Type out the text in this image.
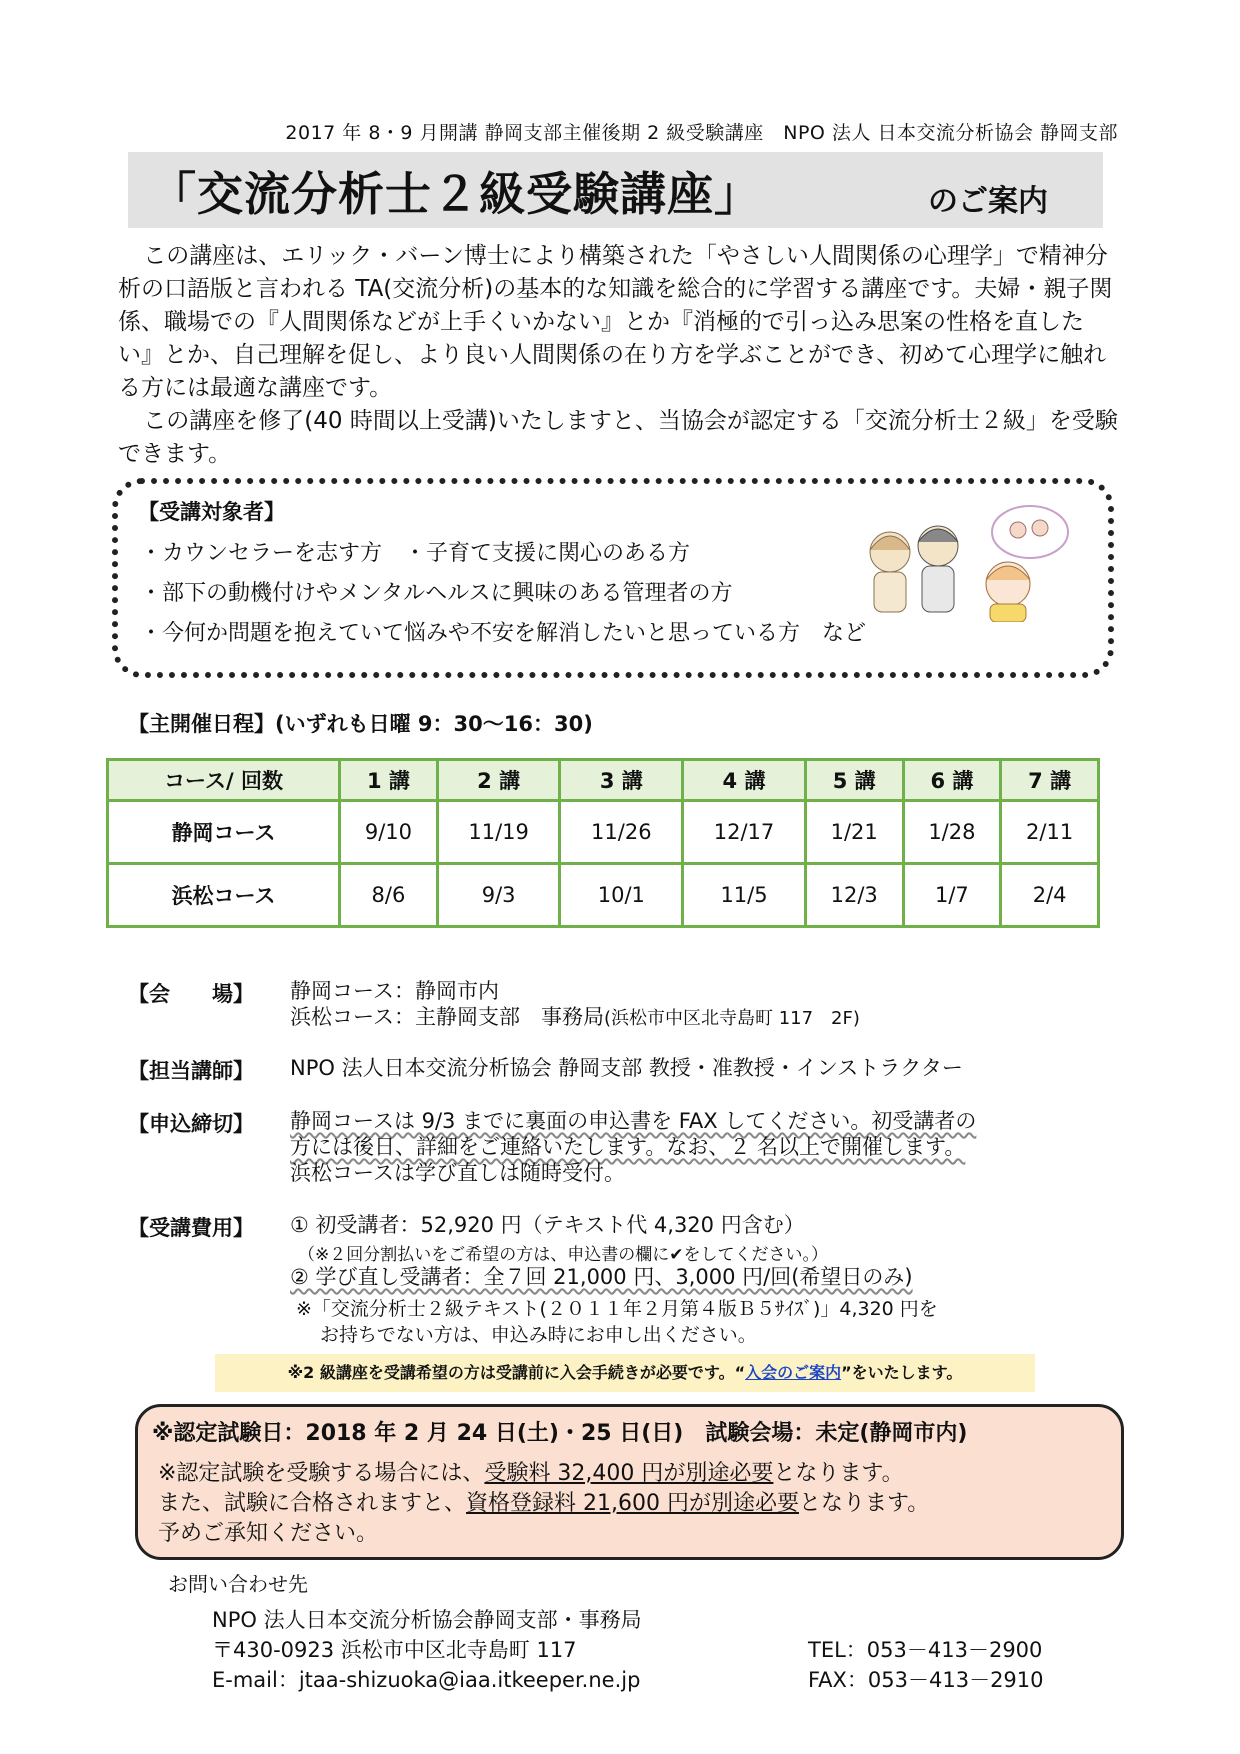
2017 年 8・9 月開講 静岡支部主催後期 2 級受験講座　NPO 法人 日本交流分析協会 静岡支部
「交流分析士２級受験講座」	のご案内

この講座は、エリック・バーン博士により構築された「やさしい人間関係の心理学」で精神分析の口語版と言われる TA(交流分析)の基本的な知識を総合的に学習する講座です。夫婦・親子関係、職場での『人間関係などが上手くいかない』とか『消極的で引っ込み思案の性格を直したい』とか、自己理解を促し、より良い人間関係の在り方を学ぶことができ、初めて心理学に触れる方には最適な講座です。

この講座を修了(40 時間以上受講)いたしますと、当協会が認定する「交流分析士２級」を受験できます。

【受講対象者】
・カウンセラーを志す方　・子育て支援に関心のある方
・部下の動機付けやメンタルヘルスに興味のある管理者の方
・今何か問題を抱えていて悩みや不安を解消したいと思っている方　など
【主開催日程】(いずれも日曜 9：30～16：30)
コース/ 回数	1 講	2 講	3 講	4 講	5 講	6 講	7 講
静岡コース	9/10	11/19	11/26	12/17	1/21	1/28	2/11
浜松コース	8/6	9/3	10/1	11/5	12/3	1/7	2/4
【会　　場】 静岡コース：静岡市内
浜松コース：主静岡支部　事務局(浜松市中区北寺島町 117　2F)
【担当講師】 NPO 法人日本交流分析協会 静岡支部 教授・准教授・インストラクター
【申込締切】 静岡コースは 9/3 までに裏面の申込書を FAX してください。初受講者の
方には後日、詳細をご連絡いたします。なお、２ 名以上で開催します。
浜松コースは学び直しは随時受付。
【受講費用】 ① 初受講者：52,920 円（テキスト代 4,320 円含む）
（※２回分割払いをご希望の方は、申込書の欄に✔をしてください。）
② 学び直し受講者：全７回 21,000 円、3,000 円/回(希望日のみ)
※「交流分析士２級テキスト(２０１１年２月第４版Ｂ５ｻｲｽﾞ)」4,320 円を
お持ちでない方は、申込み時にお申し出ください。
※2 級講座を受講希望の方は受講前に入会手続きが必要です。“入会のご案内”をいたします。
※認定試験日：2018 年 2 月 24 日(土)・25 日(日)　試験会場：未定(静岡市内)
※認定試験を受験する場合には、受験料 32,400 円が別途必要となります。
また、試験に合格されますと、資格登録料 21,600 円が別途必要となります。
予めご承知ください。
お問い合わせ先
NPO 法人日本交流分析協会静岡支部・事務局
〒430-0923 浜松市中区北寺島町 117
E-mail：jtaa-shizuoka@iaa.itkeeper.ne.jp
TEL：053－413－2900
FAX：053－413－2910
